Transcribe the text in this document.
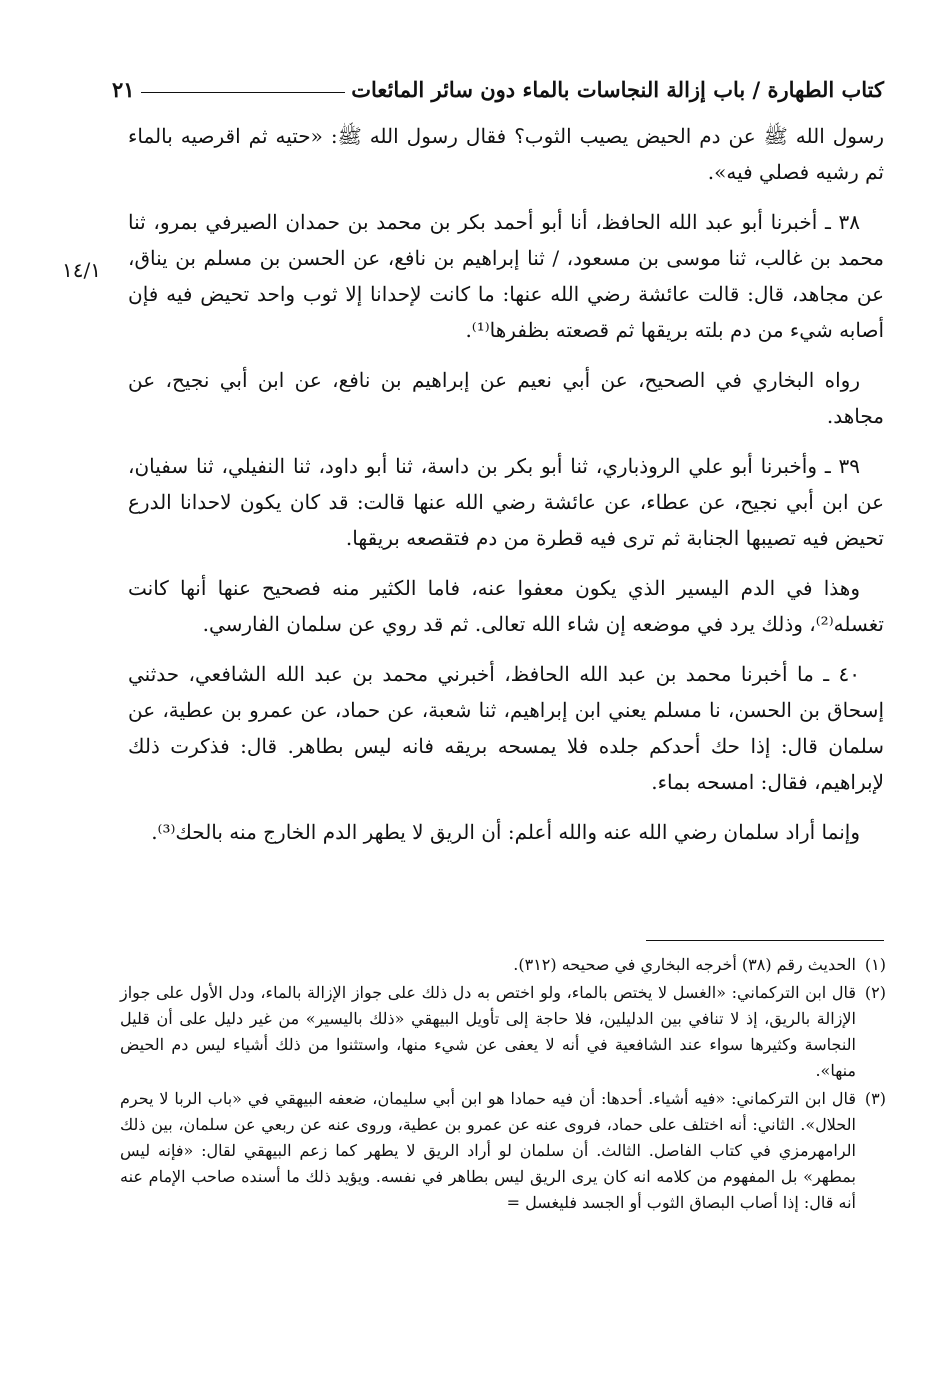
كتاب الطهارة / باب إزالة النجاسات بالماء دون سائر المائعات
٢١
١٤/١

رسول الله ﷺ عن دم الحيض يصيب الثوب؟ فقال رسول الله ﷺ: «حتيه ثم اقرصيه بالماء ثم رشيه فصلي فيه».

٣٨ ـ أخبرنا أبو عبد الله الحافظ، أنا أبو أحمد بكر بن محمد بن حمدان الصيرفي بمرو، ثنا محمد بن غالب، ثنا موسى بن مسعود، / ثنا إبراهيم بن نافع، عن الحسن بن مسلم بن يناق، عن مجاهد، قال: قالت عائشة رضي الله عنها: ما كانت لإحدانا إلا ثوب واحد تحيض فيه فإن أصابه شيء من دم بلته بريقها ثم قصعته بظفرها⁽¹⁾.

رواه البخاري في الصحيح، عن أبي نعيم عن إبراهيم بن نافع، عن ابن أبي نجيح، عن مجاهد.

٣٩ ـ وأخبرنا أبو علي الروذباري، ثنا أبو بكر بن داسة، ثنا أبو داود، ثنا النفيلي، ثنا سفيان، عن ابن أبي نجيح، عن عطاء، عن عائشة رضي الله عنها قالت: قد كان يكون لاحدانا الدرع تحيض فيه تصيبها الجنابة ثم ترى فيه قطرة من دم فتقصعه بريقها.

وهذا في الدم اليسير الذي يكون معفوا عنه، فاما الكثير منه فصحيح عنها أنها كانت تغسله⁽²⁾، وذلك يرد في موضعه إن شاء الله تعالى. ثم قد روي عن سلمان الفارسي.

٤٠ ـ ما أخبرنا محمد بن عبد الله الحافظ، أخبرني محمد بن عبد الله الشافعي، حدثني إسحاق بن الحسن، نا مسلم يعني ابن إبراهيم، ثنا شعبة، عن حماد، عن عمرو بن عطية، عن سلمان قال: إذا حك أحدكم جلده فلا يمسحه بريقه فانه ليس بطاهر. قال: فذكرت ذلك لإبراهيم، فقال: امسحه بماء.

وإنما أراد سلمان رضي الله عنه والله أعلم: أن الريق لا يطهر الدم الخارج منه بالحك⁽³⁾.

(١)
الحديث رقم (٣٨) أخرجه البخاري في صحيحه (٣١٢).
(٢)
قال ابن التركماني: «الغسل لا يختص بالماء، ولو اختص به دل ذلك على جواز الإزالة بالماء، ودل الأول على جواز الإزالة بالريق، إذ لا تنافي بين الدليلين، فلا حاجة إلى تأويل البيهقي «ذلك باليسير» من غير دليل على أن قليل النجاسة وكثيرها سواء عند الشافعية في أنه لا يعفى عن شيء منها، واستثنوا من ذلك أشياء ليس دم الحيض منها».
(٣)
قال ابن التركماني: «فيه أشياء. أحدها: أن فيه حمادا هو ابن أبي سليمان، ضعفه البيهقي في «باب الربا لا يحرم الحلال». الثاني: أنه اختلف على حماد، فروى عنه عن عمرو بن عطية، وروى عنه عن ربعي عن سلمان، بين ذلك الرامهرمزي في كتاب الفاصل. الثالث. أن سلمان لو أراد الريق لا يطهر كما زعم البيهقي لقال: «فإنه ليس بمطهر» بل المفهوم من كلامه انه كان يرى الريق ليس بطاهر في نفسه. ويؤيد ذلك ما أسنده صاحب الإمام عنه أنه قال: إذا أصاب البصاق الثوب أو الجسد فليغسل =
